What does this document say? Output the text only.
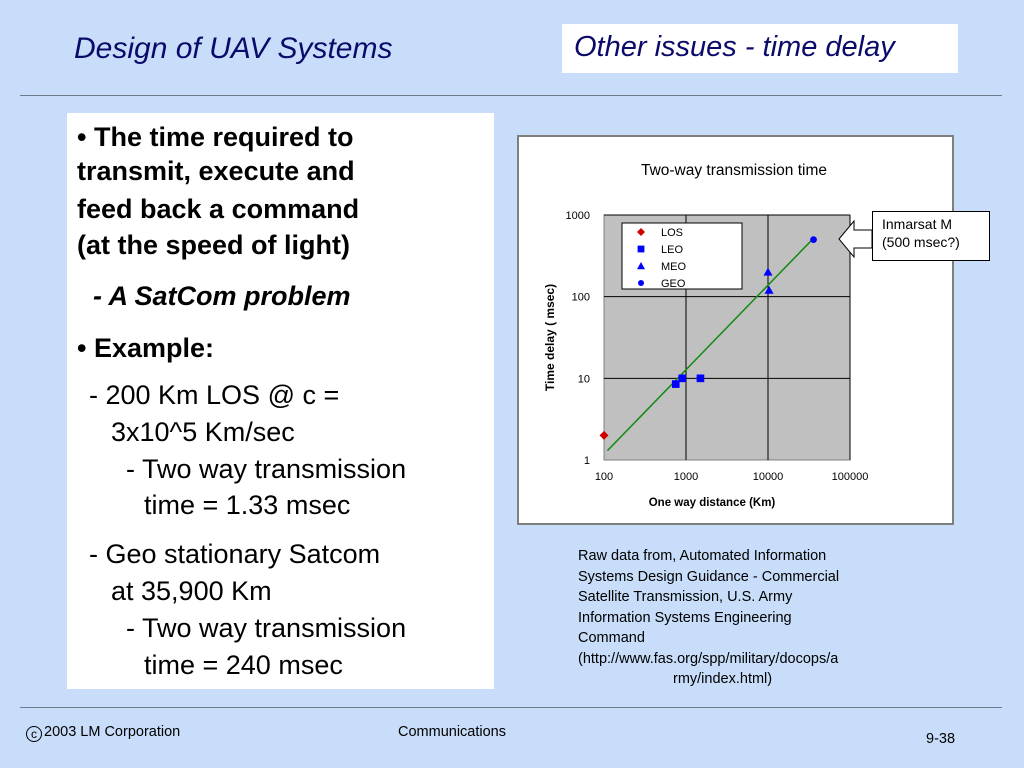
Design of UAV Systems	Other issues - time delay
• The time required to
transmit, execute and
feed back a command
(at the speed of light)
- A SatCom problem
• Example:
- 200 Km LOS @ c =
3x10^5 Km/sec
- Two way transmission
time = 1.33 msec
- Geo stationary Satcom
at 35,900 Km
- Two way transmission
time = 240 msec
Two-way transmission time
1
10
100
1000
100	1000	10000	100000
One way distance (Km)
Time delay ( msec)
LOS
LEO
MEO
GEO
Inmarsat M
(500 msec?)
Raw data from, Automated Information
Systems Design Guidance - Commercial
Satellite Transmission, U.S. Army
Information Systems Engineering
Command
(http://www.fas.org/spp/military/docops/a
rmy/index.html)
c 2003 LM Corporation	Communications	9-38
